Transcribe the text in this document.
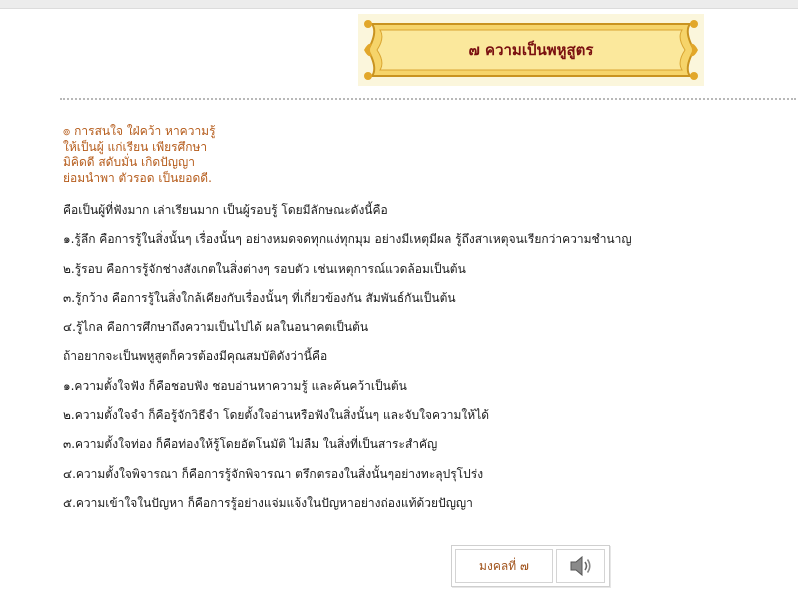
๗ ความเป็นพหูสูตร
๏ การสนใจ ใฝ่คว้า หาความรู้
ให้เป็นผู้ แก่เรียน เพียรศึกษา
มิคิดดี สดับมั่น เกิดปัญญา
ย่อมนำพา ตัวรอด เป็นยอดดี.
คือเป็นผู้ที่ฟังมาก เล่าเรียนมาก เป็นผู้รอบรู้ โดยมีลักษณะดังนี้คือ
๑.รู้ลึก คือการรู้ในสิ่งนั้นๆ เรื่องนั้นๆ อย่างหมดจดทุกแง่ทุกมุม อย่างมีเหตุมีผล รู้ถึงสาเหตุจนเรียกว่าความชำนาญ
๒.รู้รอบ คือการรู้จักช่างสังเกตในสิ่งต่างๆ รอบตัว เช่นเหตุการณ์แวดล้อมเป็นต้น
๓.รู้กว้าง คือการรู้ในสิ่งใกล้เคียงกับเรื่องนั้นๆ ที่เกี่ยวข้องกัน สัมพันธ์กันเป็นต้น
๔.รู้ไกล คือการศึกษาถึงความเป็นไปได้ ผลในอนาคตเป็นต้น
ถ้าอยากจะเป็นพหูสูตก็ควรต้องมีคุณสมบัติดังว่านี้คือ
๑.ความตั้งใจฟัง ก็คือชอบฟัง ชอบอ่านหาความรู้ และค้นคว้าเป็นต้น
๒.ความตั้งใจจำ ก็คือรู้จักวิธีจำ โดยตั้งใจอ่านหรือฟังในสิ่งนั้นๆ และจับใจความให้ได้
๓.ความตั้งใจท่อง ก็คือท่องให้รู้โดยอัตโนมัติ ไม่ลืม ในสิ่งที่เป็นสาระสำคัญ
๔.ความตั้งใจพิจารณา ก็คือการรู้จักพิจารณา ตรึกตรองในสิ่งนั้นๆอย่างทะลุปรุโปร่ง
๕.ความเข้าใจในปัญหา ก็คือการรู้อย่างแจ่มแจ้งในปัญหาอย่างถ่องแท้ด้วยปัญญา
มงคลที่ ๗
